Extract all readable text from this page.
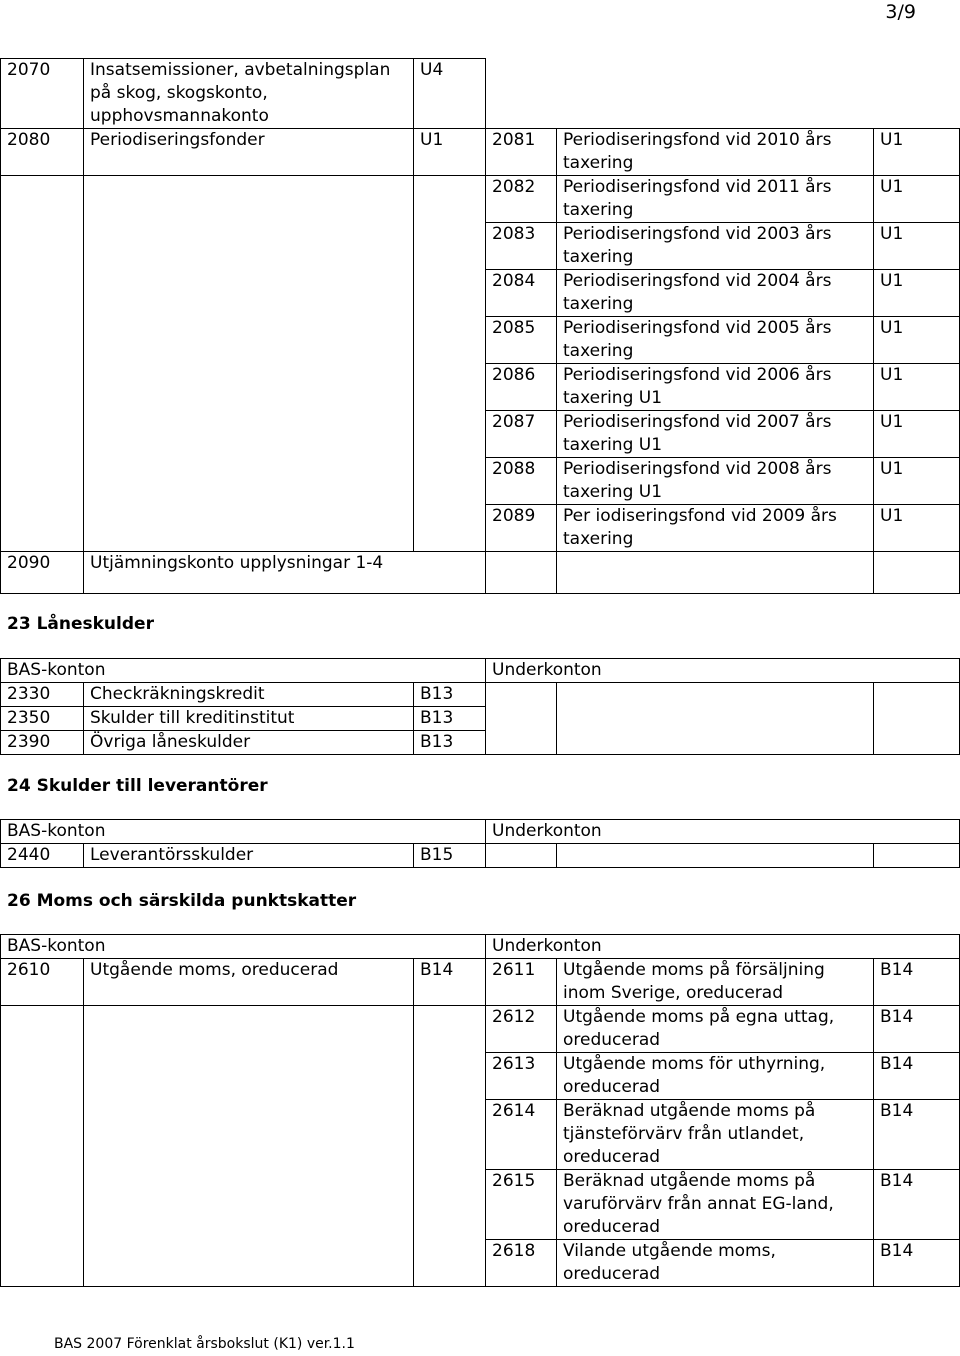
3/9
2070	Insatsemissioner, avbetalningsplan
på skog, skogskonto,
upphovsmannakonto	U4			
2080	Periodiseringsfonder	U1	2081	Periodiseringsfond vid 2010 års
taxering	U1
			2082	Periodiseringsfond vid 2011 års
taxering	U1
			2083	Periodiseringsfond vid 2003 års
taxering	U1
			2084	Periodiseringsfond vid 2004 års
taxering	U1
			2085	Periodiseringsfond vid 2005 års
taxering	U1
			2086	Periodiseringsfond vid 2006 års
taxering U1	U1
			2087	Periodiseringsfond vid 2007 års
taxering U1	U1
			2088	Periodiseringsfond vid 2008 års
taxering U1	U1
			2089	Per iodiseringsfond vid 2009 års
taxering	U1
2090	Utjämningskonto upplysningar 1-4				
23 Låneskulder
BAS-konton			Underkonton		
2330	Checkräkningskredit	B13			
2350	Skulder till kreditinstitut	B13			
2390	Övriga låneskulder	B13			
24 Skulder till leverantörer
BAS-konton			Underkonton		
2440	Leverantörsskulder	B15			
26 Moms och särskilda punktskatter
BAS-konton			Underkonton		
2610	Utgående moms, oreducerad	B14	2611	Utgående moms på försäljning
inom Sverige, oreducerad	B14
			2612	Utgående moms på egna uttag,
oreducerad	B14
			2613	Utgående moms för uthyrning,
oreducerad	B14
			2614	Beräknad utgående moms på
tjänsteförvärv från utlandet,
oreducerad	B14
			2615	Beräknad utgående moms på
varuförvärv från annat EG-land,
oreducerad	B14
			2618	Vilande utgående moms,
oreducerad	B14
BAS 2007 Förenklat årsbokslut (K1) ver.1.1
